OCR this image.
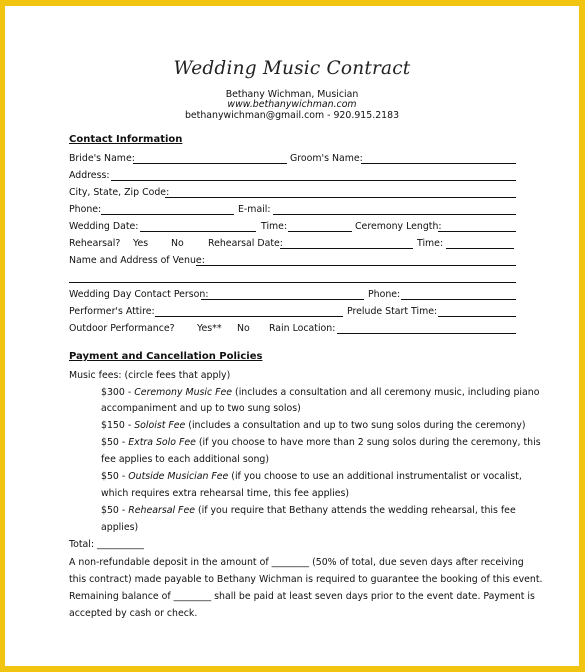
Wedding Music Contract
Bethany Wichman, Musician
www.bethanywichman.com
bethanywichman@gmail.com - 920.915.2183
Contact Information
Bride's Name:	Groom's Name:
Address:
City, State, Zip Code:
Phone:	E-mail:
Wedding Date:	Time:	Ceremony Length:
Rehearsal? Yes No	Rehearsal Date:	Time:
Name and Address of Venue:
Wedding Day Contact Person:	Phone:
Performer's Attire:	Prelude Start Time:
Outdoor Performance? Yes** No Rain Location:
Payment and Cancellation Policies
Music fees: (circle fees that apply)
$300 - Ceremony Music Fee (includes a consultation and all ceremony music, including piano
accompaniment and up to two sung solos)
$150 - Soloist Fee (includes a consultation and up to two sung solos during the ceremony)
$50 - Extra Solo Fee (if you choose to have more than 2 sung solos during the ceremony, this
fee applies to each additional song)
$50 - Outside Musician Fee (if you choose to use an additional instrumentalist or vocalist,
which requires extra rehearsal time, this fee applies)
$50 - Rehearsal Fee (if you require that Bethany attends the wedding rehearsal, this fee
applies)
Total: __________
A non-refundable deposit in the amount of ________ (50% of total, due seven days after receiving
this contract) made payable to Bethany Wichman is required to guarantee the booking of this event.
Remaining balance of ________ shall be paid at least seven days prior to the event date. Payment is
accepted by cash or check.
